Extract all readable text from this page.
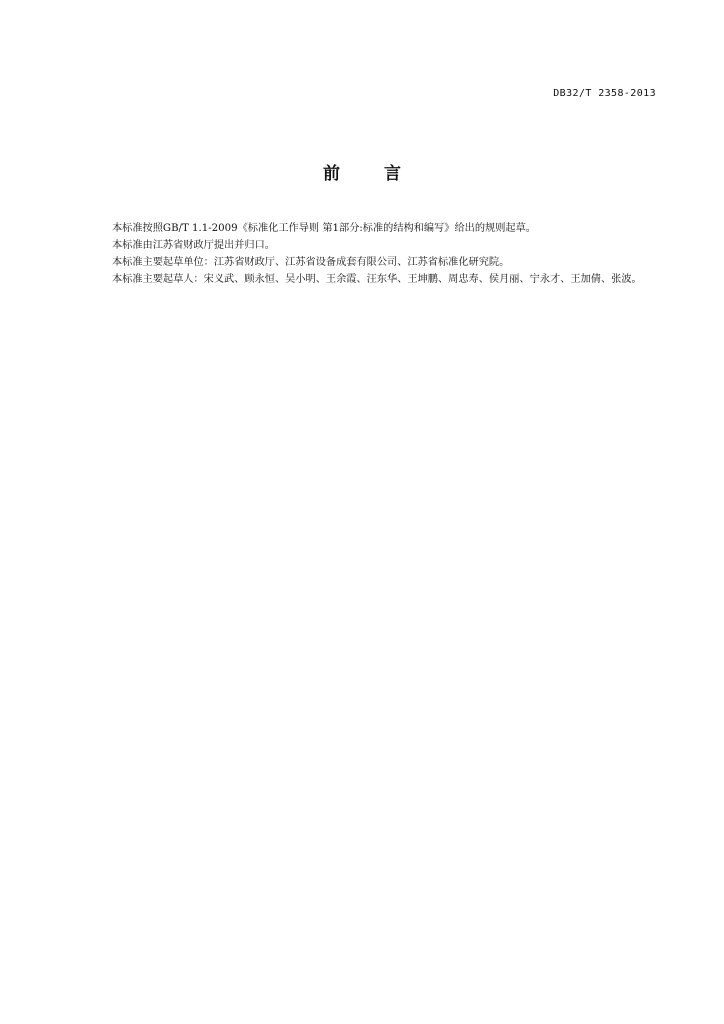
DB32/T 2358-2013
前言

本标准按照GB/T 1.1-2009《标准化工作导则 第1部分:标准的结构和编写》给出的规则起草。

本标准由江苏省财政厅提出并归口。

本标准主要起草单位：江苏省财政厅、江苏省设备成套有限公司、江苏省标准化研究院。

本标准主要起草人：宋义武、顾永恒、吴小明、王余霞、汪东华、王坤鹏、周忠寿、侯月丽、宁永才、王加倩、张波。
